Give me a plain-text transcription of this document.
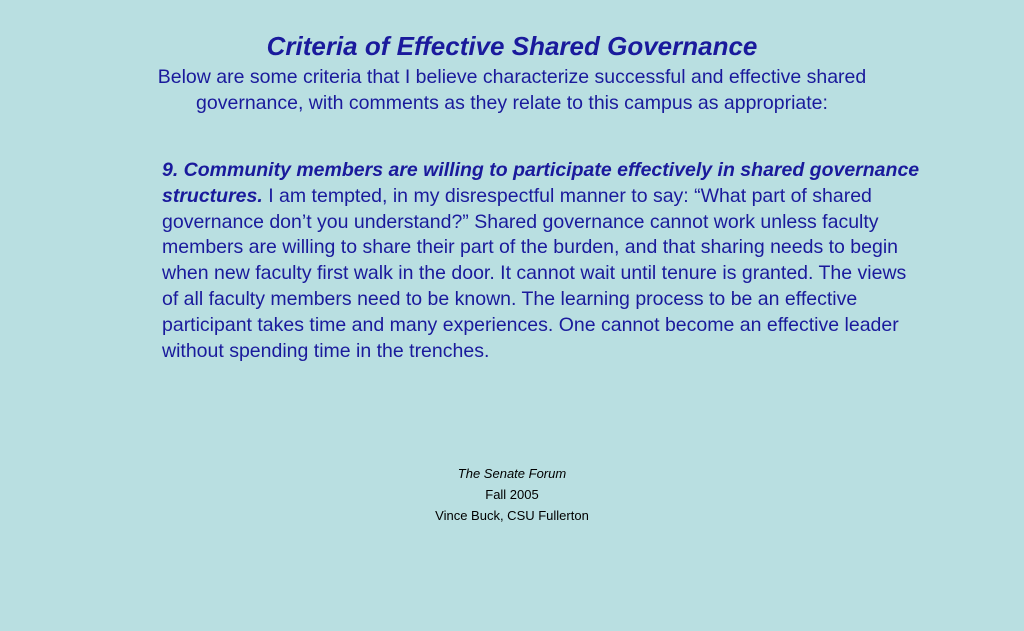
Criteria of Effective Shared Governance
Below are some criteria that I believe characterize successful and effective shared governance, with comments as they relate to this campus as appropriate:
9. Community members are willing to participate effectively in shared governance structures. I am tempted, in my disrespectful manner to say: “What part of shared governance don’t you understand?” Shared governance cannot work unless faculty members are willing to share their part of the burden, and that sharing needs to begin when new faculty first walk in the door. It cannot wait until tenure is granted. The views of all faculty members need to be known. The learning process to be an effective participant takes time and many experiences. One cannot become an effective leader without spending time in the trenches.
The Senate Forum
Fall 2005
Vince Buck, CSU Fullerton
